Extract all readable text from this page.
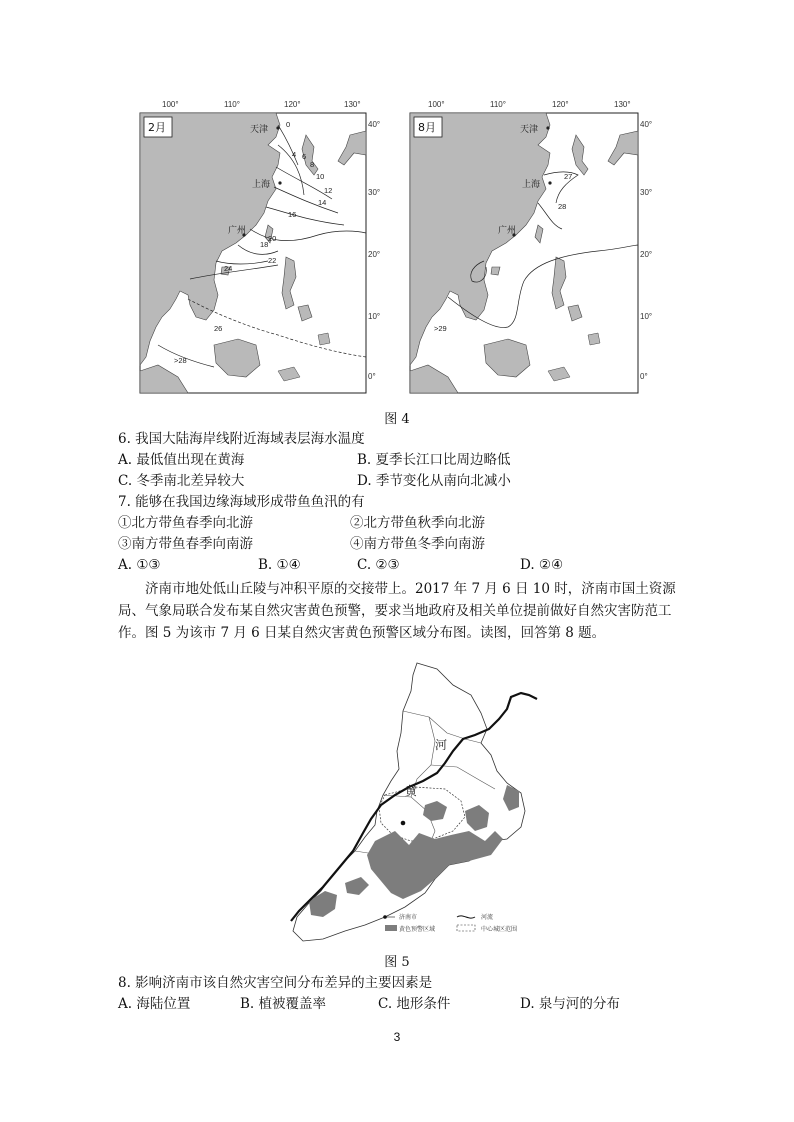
100°	110°	120°	130°
天津
上海
广州
0
4 6
8
10
12
14
16
18
20
22
24
26
>28
40°
30°
20°
10°
0°
2月
100°	110°	120°	130°
天津
上海
广州
27
28
>29
40°
30°
20°
10°
0°
8月
图 4
6. 我国大陆海岸线附近海域表层海水温度
A. 最低值出现在黄海	B. 夏季长江口比周边略低
C. 冬季南北差异较大	D. 季节变化从南向北减小
7. 能够在我国边缘海域形成带鱼鱼汛的有
①北方带鱼春季向北游	②北方带鱼秋季向北游
③南方带鱼春季向南游	④南方带鱼冬季向南游
A. ①③	B. ①④	C. ②③	D. ②④
济南市地处低山丘陵与冲积平原的交接带上。2017 年 7 月 6 日 10 时，济南市国土资源局、气象局联合发布某自然灾害黄色预警，要求当地政府及相关单位提前做好自然灾害防范工作。图 5 为该市 7 月 6 日某自然灾害黄色预警区域分布图。读图，回答第 8 题。
河
黄
济南市	河流
黄色预警区域	中心城区范围
图 5
8. 影响济南市该自然灾害空间分布差异的主要因素是
A. 海陆位置	B. 植被覆盖率	C. 地形条件	D. 泉与河的分布
3
